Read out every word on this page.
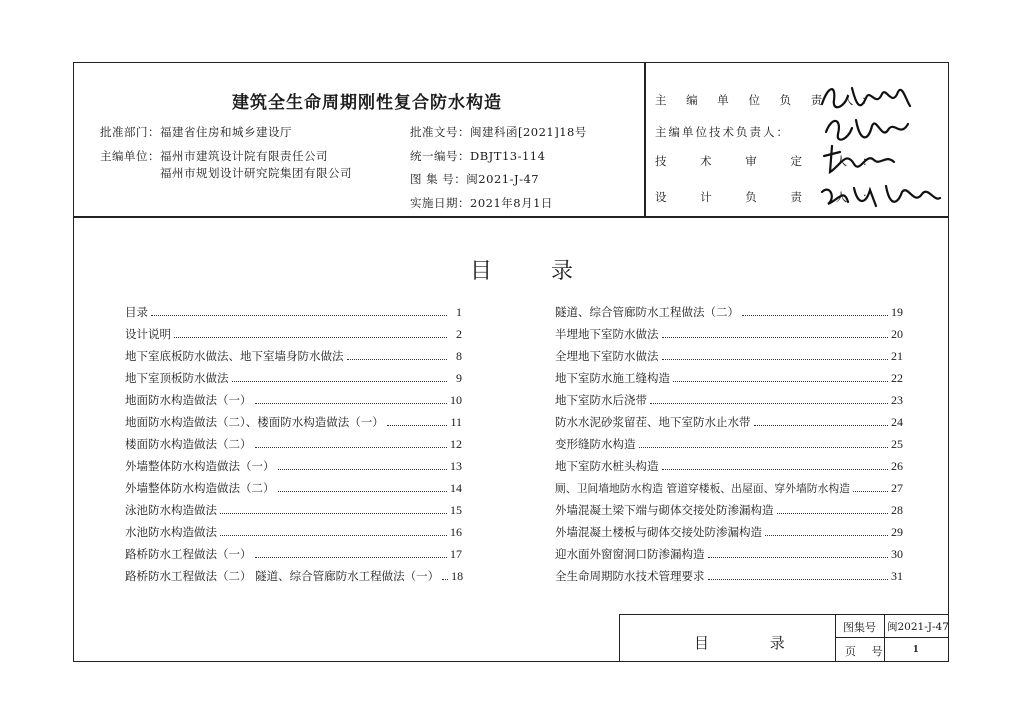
建筑全生命周期刚性复合防水构造
批准部门： 福建省住房和城乡建设厅
主编单位： 福州市建筑设计院有限责任公司
福州市规划设计研究院集团有限公司
批准文号：闽建科函[2021]18号
统一编号：DBJT13-114
图 集 号：闽2021-J-47
实施日期：2021年8月1日
主 编 单 位 负 责 人：
主编单位技术负责人：
技 术 审 定 人：
设 计 负 责 人：
目 录
目录	1
设计说明	2
地下室底板防水做法、地下室墙身防水做法	8
地下室顶板防水做法	9
地面防水构造做法（一）	10
地面防水构造做法（二）、楼面防水构造做法（一）	11
楼面防水构造做法（二）	12
外墙整体防水构造做法（一）	13
外墙整体防水构造做法（二）	14
泳池防水构造做法	15
水池防水构造做法	16
路桥防水工程做法（一）	17
路桥防水工程做法（二） 隧道、综合管廊防水工程做法（一） 18
隧道、综合管廊防水工程做法（二）	19
半埋地下室防水做法	20
全埋地下室防水做法	21
地下室防水施工缝构造	22
地下室防水后浇带	23
防水水泥砂浆留茬、地下室防水止水带	24
变形缝防水构造	25
地下室防水桩头构造	26
厕、卫间墙地防水构造 管道穿楼板、出屋面、穿外墙防水构造	27
外墙混凝土梁下端与砌体交接处防渗漏构造	28
外墙混凝土楼板与砌体交接处防渗漏构造	29
迎水面外窗窗洞口防渗漏构造	30
全生命周期防水技术管理要求	31
目 录
图集号 闽2021-J-47
页 号 1
